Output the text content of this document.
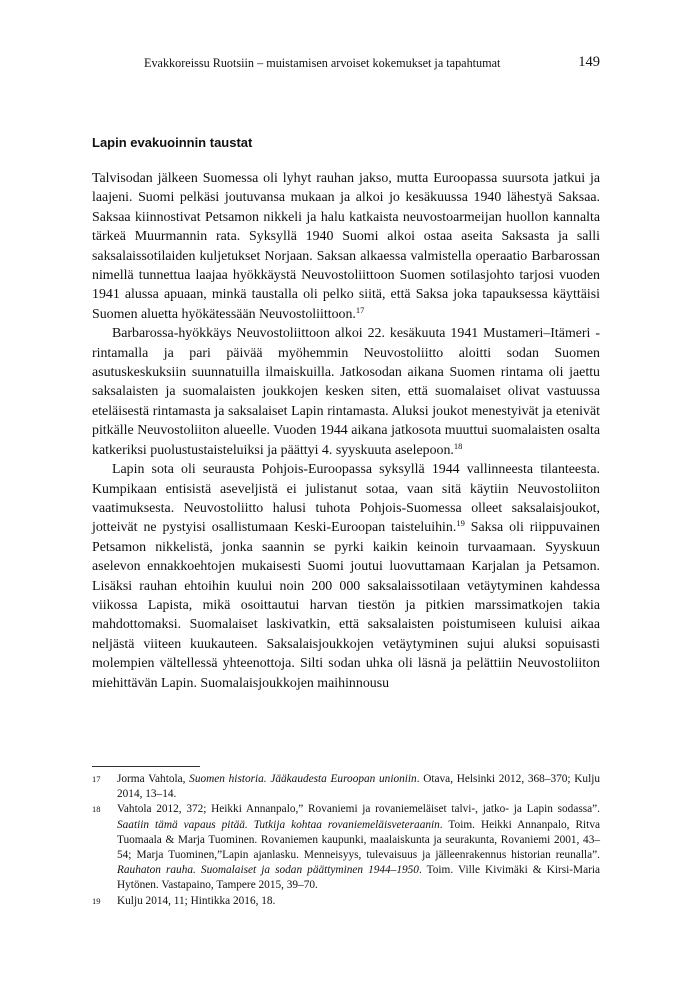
Evakkoreissu Ruotsiin – muistamisen arvoiset kokemukset ja tapahtumat	149
Lapin evakuoinnin taustat

Talvisodan jälkeen Suomessa oli lyhyt rauhan jakso, mutta Euroopassa suursota jatkui ja laajeni. Suomi pelkäsi joutuvansa mukaan ja alkoi jo kesäkuussa 1940 lähestyä Saksaa. Saksaa kiinnostivat Petsamon nikkeli ja halu katkaista neuvostoarmeijan huollon kannalta tärkeä Muurmannin rata. Syksyllä 1940 Suomi alkoi ostaa aseita Saksasta ja salli saksalaissotilaiden kuljetukset Norjaan. Saksan alkaessa valmistella operaatio Barbarossan nimellä tunnettua laajaa hyökkäystä Neuvostoliittoon Suomen sotilasjohto tarjosi vuoden 1941 alussa apuaan, minkä taustalla oli pelko siitä, että Saksa joka tapauksessa käyttäisi Suomen aluetta hyökätessään Neuvostoliittoon.$^{17}$

Barbarossa-hyökkäys Neuvostoliittoon alkoi 22. kesäkuuta 1941 Mustameri–Itämeri -rintamalla ja pari päivää myöhemmin Neuvostoliitto aloitti sodan Suomen asutuskeskuksiin suunnatuilla ilmaiskuilla. Jatkosodan aikana Suomen rintama oli jaettu saksalaisten ja suomalaisten joukkojen kesken siten, että suomalaiset olivat vastuussa eteläisestä rintamasta ja saksalaiset Lapin rintamasta. Aluksi joukot menestyivät ja etenivät pitkälle Neuvostoliiton alueelle. Vuoden 1944 aikana jatkosota muuttui suomalaisten osalta katkeriksi puolustustaisteluiksi ja päättyi 4. syyskuuta aselepoon.$^{18}$

Lapin sota oli seurausta Pohjois-Euroopassa syksyllä 1944 vallinneesta tilanteesta. Kumpikaan entisistä aseveljistä ei julistanut sotaa, vaan sitä käytiin Neuvostoliiton vaatimuksesta. Neuvostoliitto halusi tuhota Pohjois-Suomessa olleet saksalaisjoukot, jotteivät ne pystyisi osallistumaan Keski-Euroopan taisteluihin.$^{19}$ Saksa oli riippuvainen Petsamon nikkelistä, jonka saannin se pyrki kaikin keinoin turvaamaan. Syyskuun aselevon ennakkoehtojen mukaisesti Suomi joutui luovuttamaan Karjalan ja Petsamon. Lisäksi rauhan ehtoihin kuului noin 200 000 saksalaissotilaan vetäytyminen kahdessa viikossa Lapista, mikä osoittautui harvan tiestön ja pitkien marssimatkojen takia mahdottomaksi. Suomalaiset laskivatkin, että saksalaisten poistumiseen kuluisi aikaa neljästä viiteen kuukauteen. Saksalaisjoukkojen vetäytyminen sujui aluksi sopuisasti molempien vältellessä yhteenottoja. Silti sodan uhka oli läsnä ja pelättiin Neuvostoliiton miehittävän Lapin. Suomalaisjoukkojen maihinnousu

17	Jorma Vahtola, Suomen historia. Jääkaudesta Euroopan unioniin. Otava, Helsinki 2012, 368–370; Kulju 2014, 13–14.
18	Vahtola 2012, 372; Heikki Annanpalo,” Rovaniemi ja rovaniemeläiset talvi-, jatko- ja Lapin sodassa”. Saatiin tämä vapaus pitää. Tutkija kohtaa rovaniemeläisveteraanin. Toim. Heikki Annanpalo, Ritva Tuomaala & Marja Tuominen. Rovaniemen kaupunki, maalaiskunta ja seurakunta, Rovaniemi 2001, 43–54; Marja Tuominen,”Lapin ajanlasku. Menneisyys, tulevaisuus ja jälleenrakennus historian reunalla”. Rauhaton rauha. Suomalaiset ja sodan päättyminen 1944–1950. Toim. Ville Kivimäki & Kirsi-Maria Hytönen. Vastapaino, Tampere 2015, 39–70.
19	Kulju 2014, 11; Hintikka 2016, 18.
